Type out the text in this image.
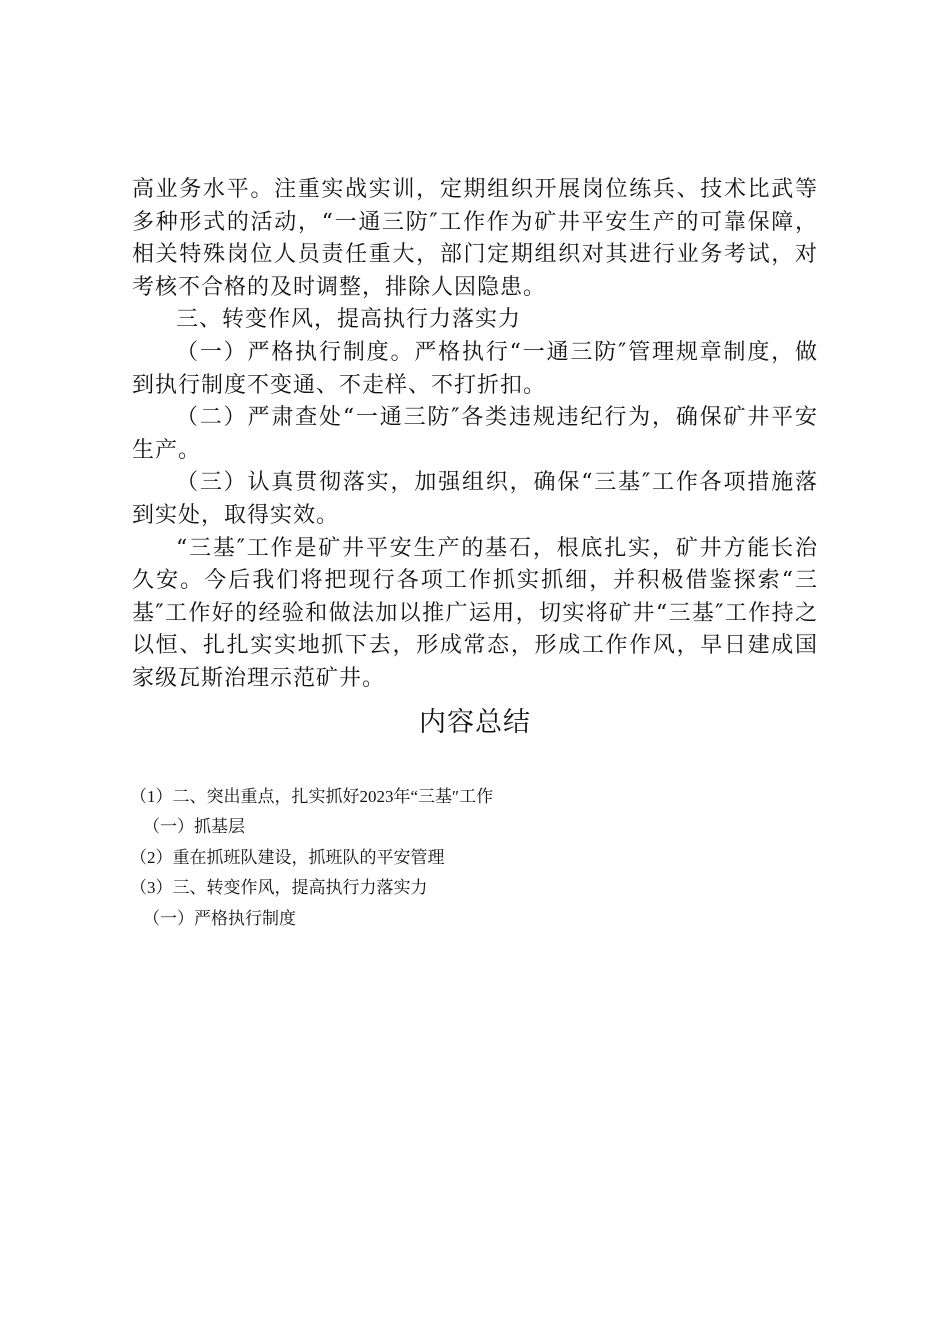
高业务水平。注重实战实训，定期组织开展岗位练兵、技术比武等多种形式的活动，“一通三防″工作作为矿井平安生产的可靠保障，相关特殊岗位人员责任重大，部门定期组织对其进行业务考试，对考核不合格的及时调整，排除人因隐患。

三、转变作风，提高执行力落实力

（一）严格执行制度。严格执行“一通三防″管理规章制度，做到执行制度不变通、不走样、不打折扣。

（二）严肃查处“一通三防″各类违规违纪行为，确保矿井平安生产。

（三）认真贯彻落实，加强组织，确保“三基″工作各项措施落到实处，取得实效。

“三基″工作是矿井平安生产的基石，根底扎实，矿井方能长治久安。今后我们将把现行各项工作抓实抓细，并积极借鉴探索“三基″工作好的经验和做法加以推广运用，切实将矿井“三基″工作持之以恒、扎扎实实地抓下去，形成常态，形成工作作风，早日建成国家级瓦斯治理示范矿井。

内容总结

（1）二、突出重点，扎实抓好2023年“三基″工作

（一）抓基层

（2）重在抓班队建设，抓班队的平安管理

（3）三、转变作风，提高执行力落实力

（一）严格执行制度
